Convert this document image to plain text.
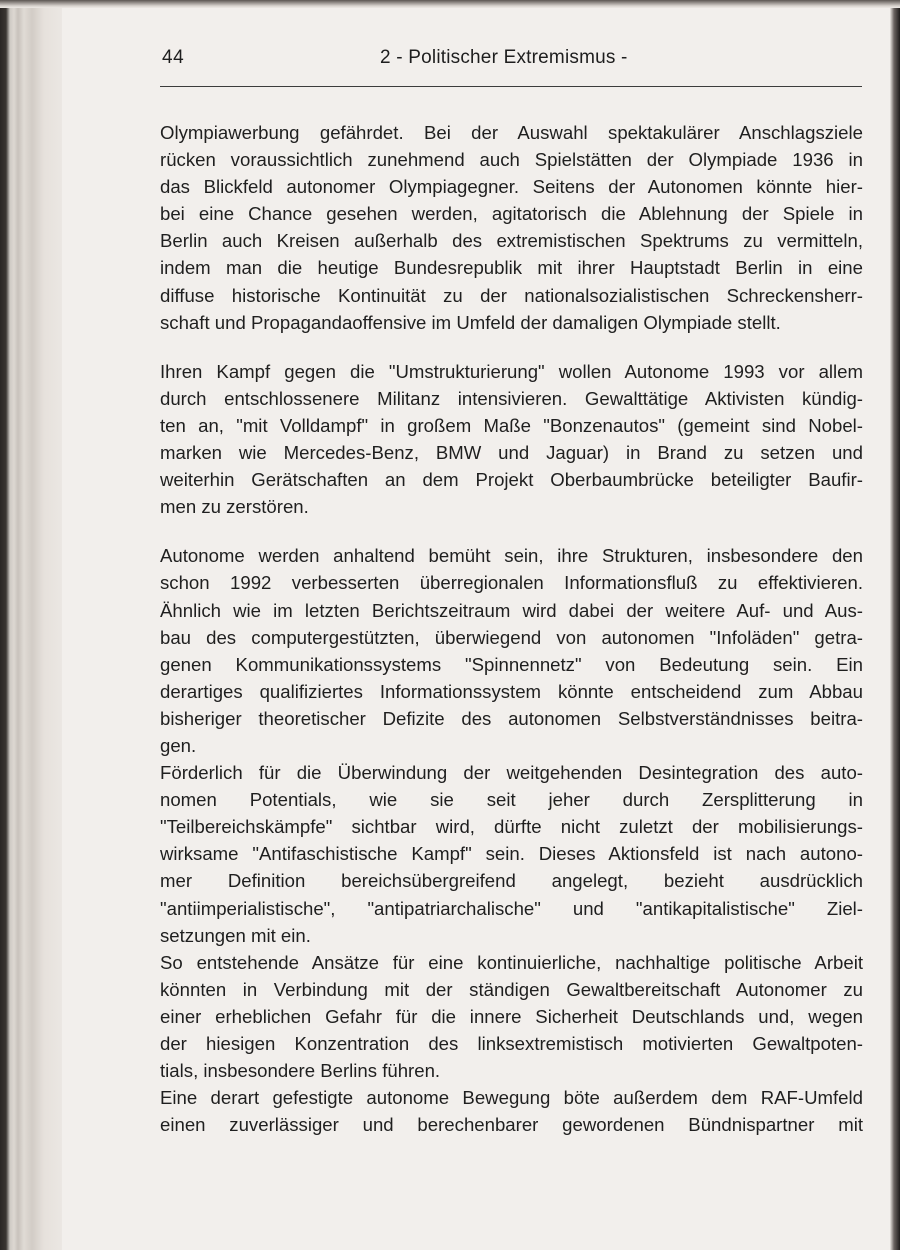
44	2 - Politischer Extremismus -
Olympiawerbung gefährdet. Bei der Auswahl spektakulärer Anschlagsziele
rücken voraussichtlich zunehmend auch Spielstätten der Olympiade 1936 in
das Blickfeld autonomer Olympiagegner. Seitens der Autonomen könnte hier-
bei eine Chance gesehen werden, agitatorisch die Ablehnung der Spiele in
Berlin auch Kreisen außerhalb des extremistischen Spektrums zu vermitteln,
indem man die heutige Bundesrepublik mit ihrer Hauptstadt Berlin in eine
diffuse historische Kontinuität zu der nationalsozialistischen Schreckensherr-
schaft und Propagandaoffensive im Umfeld der damaligen Olympiade stellt.
Ihren Kampf gegen die "Umstrukturierung" wollen Autonome 1993 vor allem
durch entschlossenere Militanz intensivieren. Gewalttätige Aktivisten kündig-
ten an, "mit Volldampf" in großem Maße "Bonzenautos" (gemeint sind Nobel-
marken wie Mercedes-Benz, BMW und Jaguar) in Brand zu setzen und
weiterhin Gerätschaften an dem Projekt Oberbaumbrücke beteiligter Baufir-
men zu zerstören.
Autonome werden anhaltend bemüht sein, ihre Strukturen, insbesondere den
schon 1992 verbesserten überregionalen Informationsfluß zu effektivieren.
Ähnlich wie im letzten Berichtszeitraum wird dabei der weitere Auf- und Aus-
bau des computergestützten, überwiegend von autonomen "Infoläden" getra-
genen Kommunikationssystems "Spinnennetz" von Bedeutung sein. Ein
derartiges qualifiziertes Informationssystem könnte entscheidend zum Abbau
bisheriger theoretischer Defizite des autonomen Selbstverständnisses beitra-
gen.
Förderlich für die Überwindung der weitgehenden Desintegration des auto-
nomen Potentials, wie sie seit jeher durch Zersplitterung in
"Teilbereichskämpfe" sichtbar wird, dürfte nicht zuletzt der mobilisierungs-
wirksame "Antifaschistische Kampf" sein. Dieses Aktionsfeld ist nach autono-
mer Definition bereichsübergreifend angelegt, bezieht ausdrücklich
"antiimperialistische", "antipatriarchalische" und "antikapitalistische" Ziel-
setzungen mit ein.
So entstehende Ansätze für eine kontinuierliche, nachhaltige politische Arbeit
könnten in Verbindung mit der ständigen Gewaltbereitschaft Autonomer zu
einer erheblichen Gefahr für die innere Sicherheit Deutschlands und, wegen
der hiesigen Konzentration des linksextremistisch motivierten Gewaltpoten-
tials, insbesondere Berlins führen.
Eine derart gefestigte autonome Bewegung böte außerdem dem RAF-Umfeld
einen zuverlässiger und berechenbarer gewordenen Bündnispartner mit
